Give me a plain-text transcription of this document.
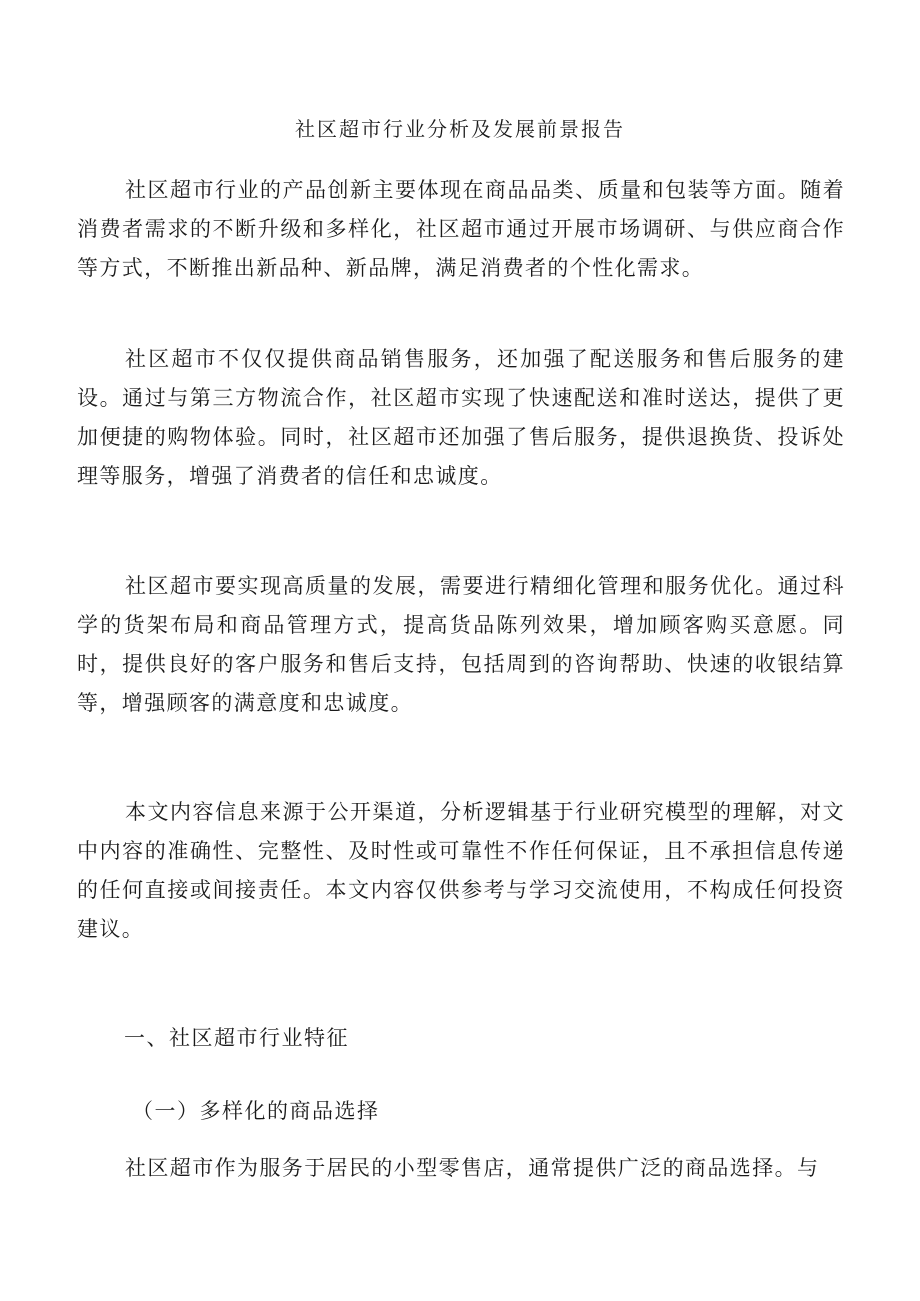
社区超市行业分析及发展前景报告

社区超市行业的产品创新主要体现在商品品类、质量和包装等方面。随着消费者需求的不断升级和多样化，社区超市通过开展市场调研、与供应商合作等方式，不断推出新品种、新品牌，满足消费者的个性化需求。

社区超市不仅仅提供商品销售服务，还加强了配送服务和售后服务的建设。通过与第三方物流合作，社区超市实现了快速配送和准时送达，提供了更加便捷的购物体验。同时，社区超市还加强了售后服务，提供退换货、投诉处理等服务，增强了消费者的信任和忠诚度。

社区超市要实现高质量的发展，需要进行精细化管理和服务优化。通过科学的货架布局和商品管理方式，提高货品陈列效果，增加顾客购买意愿。同时，提供良好的客户服务和售后支持，包括周到的咨询帮助、快速的收银结算等，增强顾客的满意度和忠诚度。

本文内容信息来源于公开渠道，分析逻辑基于行业研究模型的理解，对文中内容的准确性、完整性、及时性或可靠性不作任何保证，且不承担信息传递的任何直接或间接责任。本文内容仅供参考与学习交流使用，不构成任何投资建议。

一、社区超市行业特征
（一）多样化的商品选择

社区超市作为服务于居民的小型零售店，通常提供广泛的商品选择。与
